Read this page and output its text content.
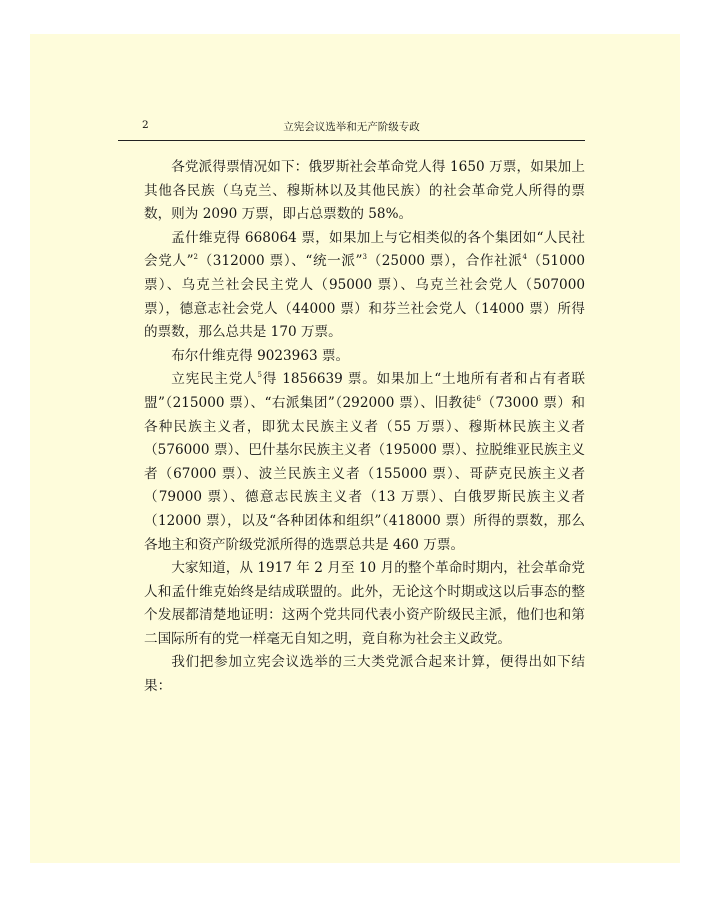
2	立宪会议选举和无产阶级专政

各党派得票情况如下：俄罗斯社会革命党人得 1650 万票，如果加上其他各民族（乌克兰、穆斯林以及其他民族）的社会革命党人所得的票数，则为 2090 万票，即占总票数的 58%。

孟什维克得 668064 票，如果加上与它相类似的各个集团如“人民社会党人”$^2$（312000 票）、“统一派”$^3$（25000 票），合作社派$^4$（51000 票）、乌克兰社会民主党人（95000 票）、乌克兰社会党人（507000 票），德意志社会党人（44000 票）和芬兰社会党人（14000 票）所得的票数，那么总共是 170 万票。

布尔什维克得 9023963 票。

立宪民主党人$^5$得 1856639 票。如果加上“土地所有者和占有者联盟”（215000 票）、“右派集团”（292000 票）、旧教徒$^6$（73000 票）和各种民族主义者，即犹太民族主义者（55 万票）、穆斯林民族主义者（576000 票）、巴什基尔民族主义者（195000 票）、拉脱维亚民族主义者（67000 票）、波兰民族主义者（155000 票）、哥萨克民族主义者（79000 票）、德意志民族主义者（13 万票）、白俄罗斯民族主义者（12000 票），以及“各种团体和组织”（418000 票）所得的票数，那么各地主和资产阶级党派所得的选票总共是 460 万票。

大家知道，从 1917 年 2 月至 10 月的整个革命时期内，社会革命党人和孟什维克始终是结成联盟的。此外，无论这个时期或这以后事态的整个发展都清楚地证明：这两个党共同代表小资产阶级民主派，他们也和第二国际所有的党一样毫无自知之明，竟自称为社会主义政党。

我们把参加立宪会议选举的三大类党派合起来计算，便得出如下结果：
